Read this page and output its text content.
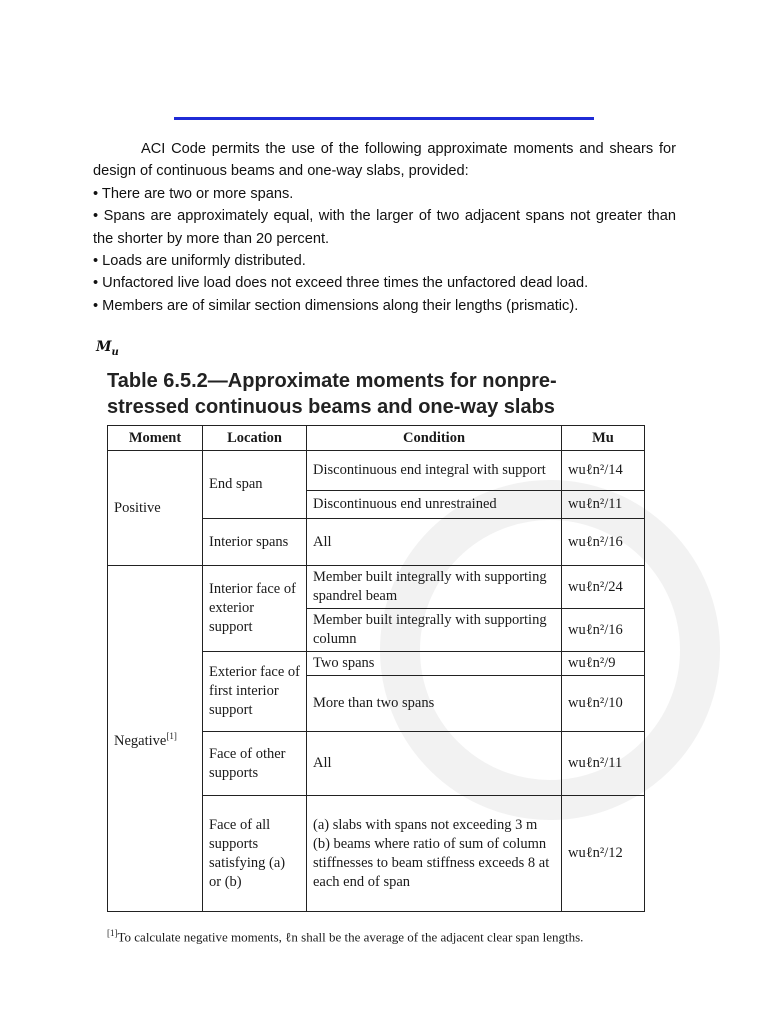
ACI Code permits the use of the following approximate moments and shears for design of continuous beams and one-way slabs, provided:

• There are two or more spans.

• Spans are approximately equal, with the larger of two adjacent spans not greater than the shorter by more than 20 percent.

• Loads are uniformly distributed.

• Unfactored live load does not exceed three times the unfactored dead load.

• Members are of similar section dimensions along their lengths (prismatic).

$M_u$
Table 6.5.2—Approximate moments for nonpre-
stressed continuous beams and one-way slabs
Moment	Location	Condition	Mu
Positive	End span	Discontinuous end integral with support	wuℓn²/14
		Discontinuous end unrestrained	wuℓn²/11
	Interior spans	All	wuℓn²/16
Negative[1]	Interior face of exterior support	Member built integrally with supporting spandrel beam	wuℓn²/24
		Member built integrally with supporting column	wuℓn²/16
	Exterior face of first interior support	Two spans	wuℓn²/9
		More than two spans	wuℓn²/10
	Face of other supports	All	wuℓn²/11
	Face of all supports satisfying (a) or (b)	(a) slabs with spans not exceeding 3 m (b) beams where ratio of sum of column stiffnesses to beam stiffness exceeds 8 at each end of span	wuℓn²/12
[1]To calculate negative moments, ℓn shall be the average of the adjacent clear span lengths.
